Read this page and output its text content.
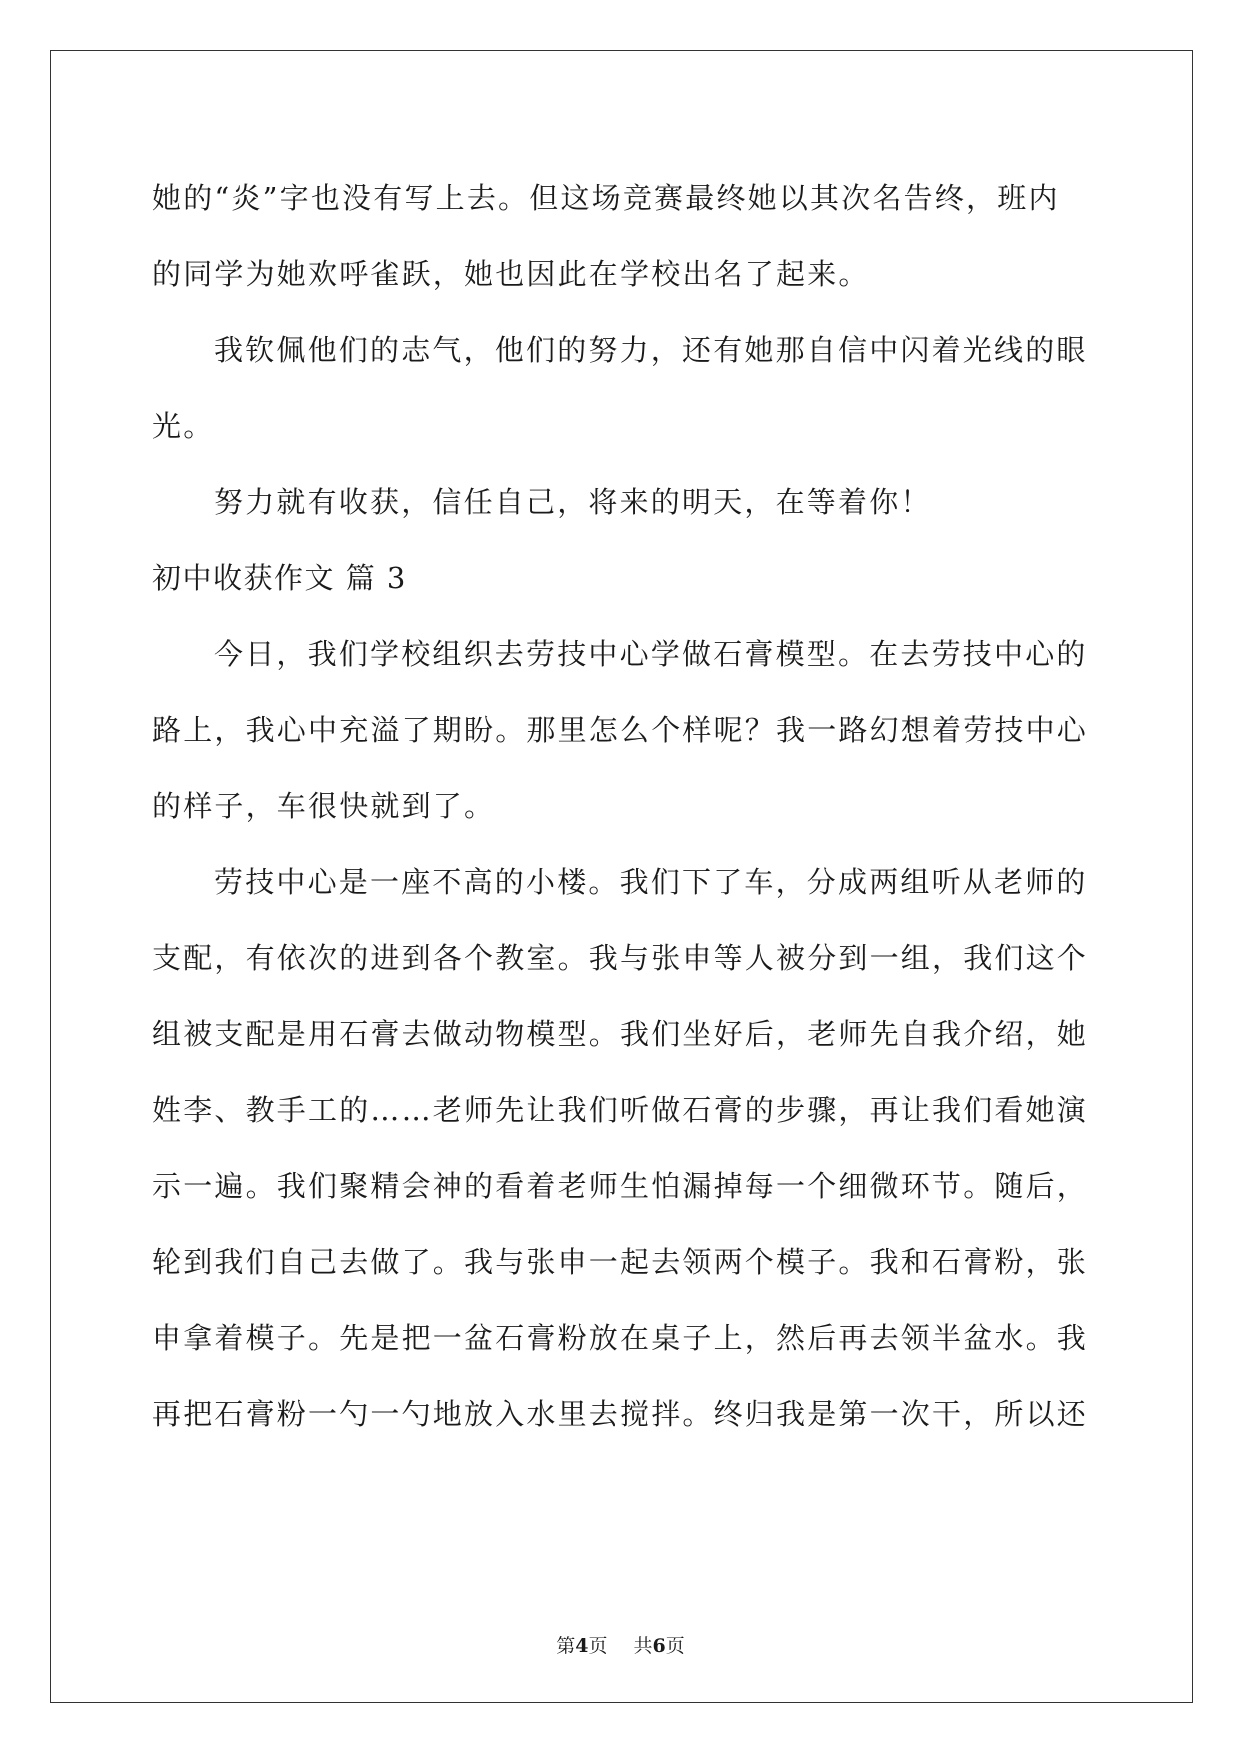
她的“炎”字也没有写上去。但这场竞赛最终她以其次名告终，班内
的同学为她欢呼雀跃，她也因此在学校出名了起来。
我钦佩他们的志气，他们的努力，还有她那自信中闪着光线的眼
光。
努力就有收获，信任自己，将来的明天，在等着你！
初中收获作文 篇 3
今日，我们学校组织去劳技中心学做石膏模型。在去劳技中心的
路上，我心中充溢了期盼。那里怎么个样呢？我一路幻想着劳技中心
的样子，车很快就到了。
劳技中心是一座不高的小楼。我们下了车，分成两组听从老师的
支配，有依次的进到各个教室。我与张申等人被分到一组，我们这个
组被支配是用石膏去做动物模型。我们坐好后，老师先自我介绍，她
姓李、教手工的……老师先让我们听做石膏的步骤，再让我们看她演
示一遍。我们聚精会神的看着老师生怕漏掉每一个细微环节。随后，
轮到我们自己去做了。我与张申一起去领两个模子。我和石膏粉，张
申拿着模子。先是把一盆石膏粉放在桌子上，然后再去领半盆水。我
再把石膏粉一勺一勺地放入水里去搅拌。终归我是第一次干，所以还
第4页 共6页
